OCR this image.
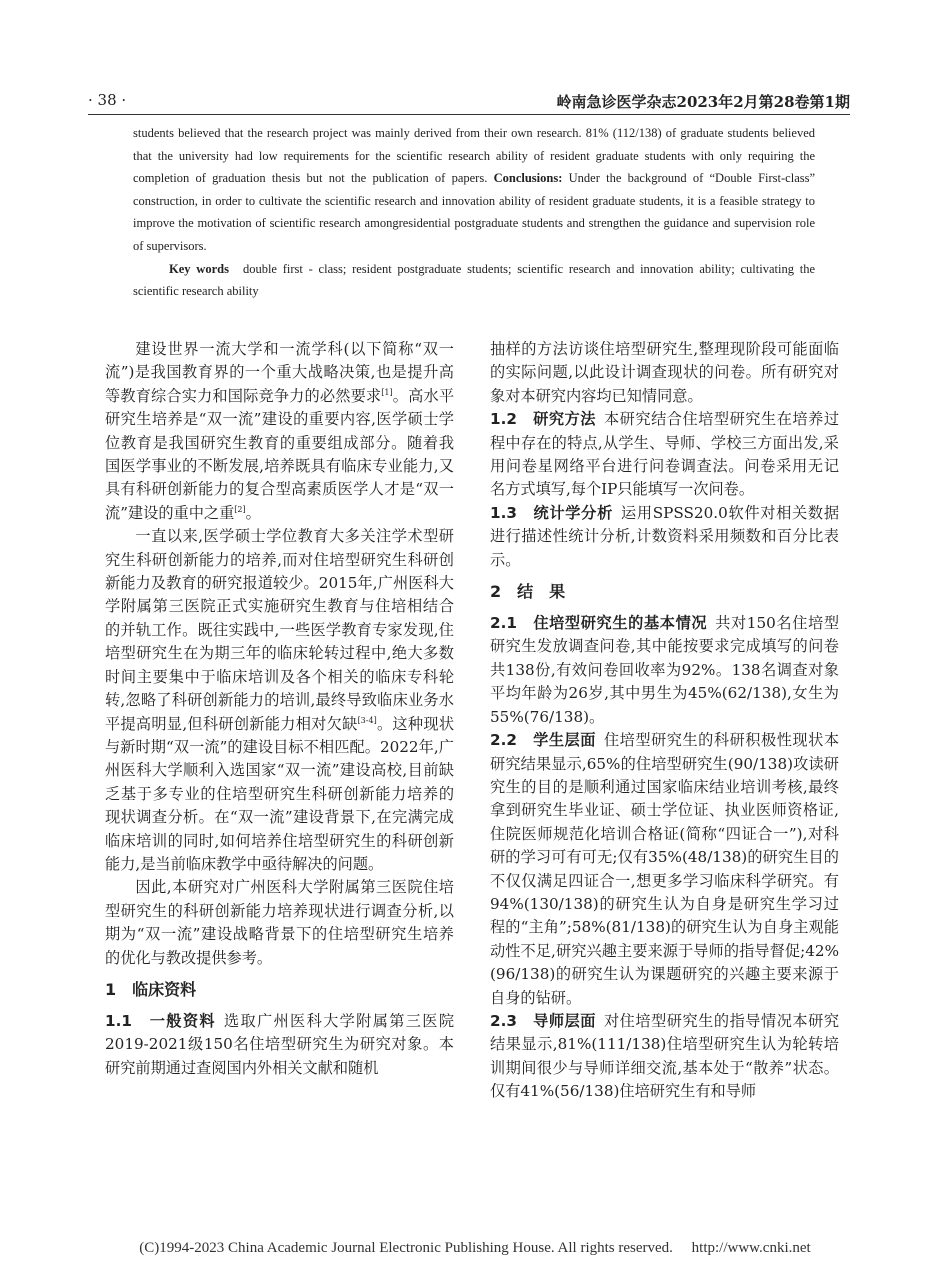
· 38 ·	岭南急诊医学杂志2023年2月第28卷第1期

students believed that the research project was mainly derived from their own research. 81% (112/138) of graduate students believed that the university had low requirements for the scientific research ability of resident graduate students with only requiring the completion of graduation thesis but not the publication of papers. Conclusions: Under the background of “Double First-class” construction, in order to cultivate the scientific research and innovation ability of resident graduate students, it is a feasible strategy to improve the motivation of scientific research amongresidential postgraduate students and strengthen the guidance and supervision role of supervisors.

Key words double first - class; resident postgraduate students; scientific research and innovation ability; cultivating the scientific research ability

建设世界一流大学和一流学科(以下简称“双一流”)是我国教育界的一个重大战略决策,也是提升高等教育综合实力和国际竞争力的必然要求[1]。高水平研究生培养是“双一流”建设的重要内容,医学硕士学位教育是我国研究生教育的重要组成部分。随着我国医学事业的不断发展,培养既具有临床专业能力,又具有科研创新能力的复合型高素质医学人才是“双一流”建设的重中之重[2]。

一直以来,医学硕士学位教育大多关注学术型研究生科研创新能力的培养,而对住培型研究生科研创新能力及教育的研究报道较少。2015年,广州医科大学附属第三医院正式实施研究生教育与住培相结合的并轨工作。既往实践中,一些医学教育专家发现,住培型研究生在为期三年的临床轮转过程中,绝大多数时间主要集中于临床培训及各个相关的临床专科轮转,忽略了科研创新能力的培训,最终导致临床业务水平提高明显,但科研创新能力相对欠缺[3-4]。这种现状与新时期“双一流”的建设目标不相匹配。2022年,广州医科大学顺利入选国家“双一流”建设高校,目前缺乏基于多专业的住培型研究生科研创新能力培养的现状调查分析。在“双一流”建设背景下,在完满完成临床培训的同时,如何培养住培型研究生的科研创新能力,是当前临床教学中亟待解决的问题。

因此,本研究对广州医科大学附属第三医院住培型研究生的科研创新能力培养现状进行调查分析,以期为“双一流”建设战略背景下的住培型研究生培养的优化与教改提供参考。

1　临床资料

1.1　一般资料 选取广州医科大学附属第三医院2019-2021级150名住培型研究生为研究对象。本研究前期通过查阅国内外相关文献和随机

抽样的方法访谈住培型研究生,整理现阶段可能面临的实际问题,以此设计调查现状的问卷。所有研究对象对本研究内容均已知情同意。

1.2　研究方法 本研究结合住培型研究生在培养过程中存在的特点,从学生、导师、学校三方面出发,采用问卷星网络平台进行问卷调查法。问卷采用无记名方式填写,每个IP只能填写一次问卷。

1.3　统计学分析 运用SPSS20.0软件对相关数据进行描述性统计分析,计数资料采用频数和百分比表示。

2　结　果

2.1　住培型研究生的基本情况 共对150名住培型研究生发放调查问卷,其中能按要求完成填写的问卷共138份,有效问卷回收率为92%。138名调查对象平均年龄为26岁,其中男生为45%(62/138),女生为55%(76/138)。

2.2　学生层面 住培型研究生的科研积极性现状本研究结果显示,65%的住培型研究生(90/138)攻读研究生的目的是顺利通过国家临床结业培训考核,最终拿到研究生毕业证、硕士学位证、执业医师资格证,住院医师规范化培训合格证(简称“四证合一”),对科研的学习可有可无;仅有35%(48/138)的研究生目的不仅仅满足四证合一,想更多学习临床科学研究。有94%(130/138)的研究生认为自身是研究生学习过程的“主角”;58%(81/138)的研究生认为自身主观能动性不足,研究兴趣主要来源于导师的指导督促;42%(96/138)的研究生认为课题研究的兴趣主要来源于自身的钻研。

2.3　导师层面 对住培型研究生的指导情况本研究结果显示,81%(111/138)住培型研究生认为轮转培训期间很少与导师详细交流,基本处于“散养”状态。仅有41%(56/138)住培研究生有和导师

(C)1994-2023 China Academic Journal Electronic Publishing House. All rights reserved.　 http://www.cnki.net
